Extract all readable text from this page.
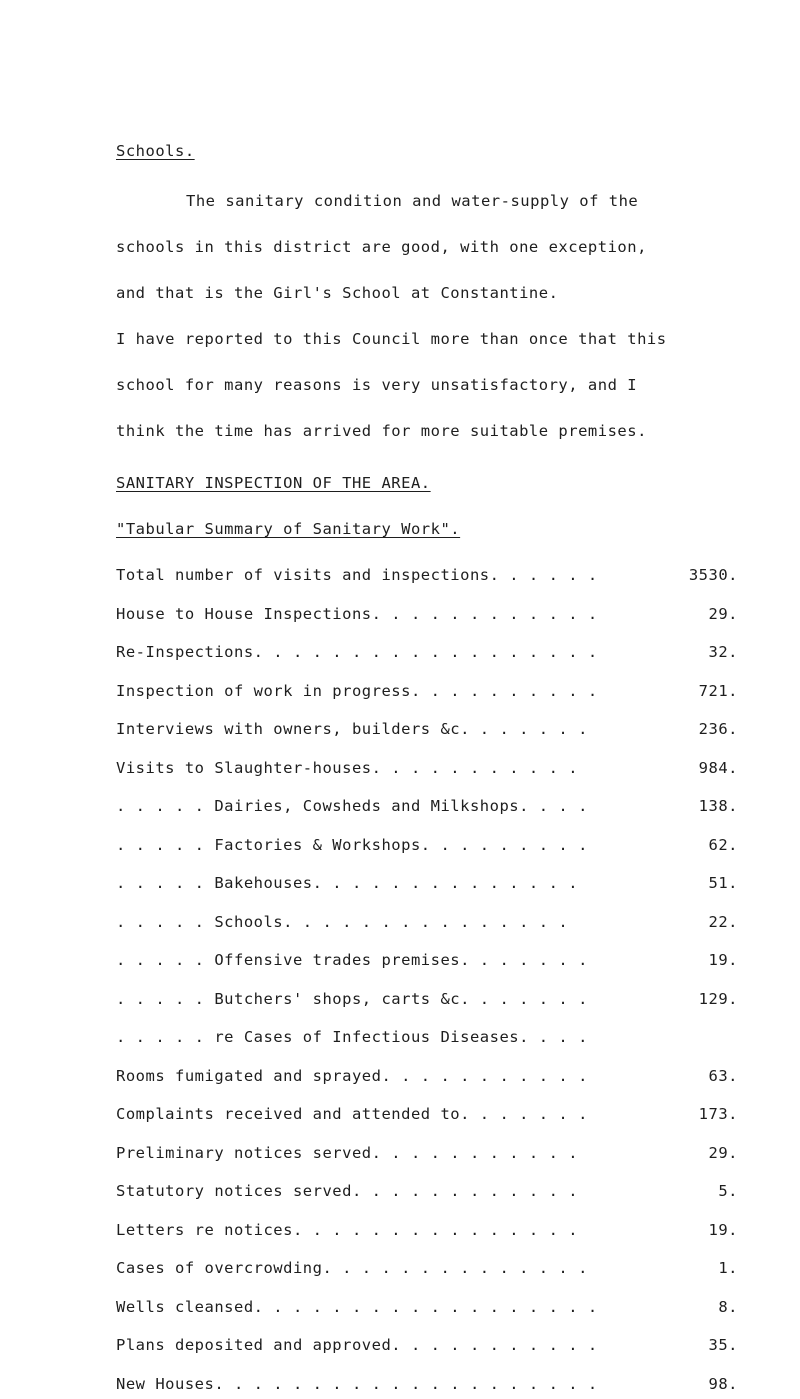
Schools.
The sanitary condition and water-supply of the
schools in this district are good, with one exception,
and that is the Girl's School at Constantine.
I have reported to this Council more than once that this
school for many reasons is very unsatisfactory, and I
think the time has arrived for more suitable premises.
SANITARY INSPECTION OF THE AREA.
"Tabular Summary of Sanitary Work".
Total number of visits and inspections. . . . . .	3530.
House to House Inspections. . . . . . . . . . . .	29.
Re-Inspections. . . . . . . . . . . . . . . . . .	32.
Inspection of work in progress. . . . . . . . . .	721.
Interviews with owners, builders &c. . . . . . .	236.
Visits to Slaughter-houses. . . . . . . . . . .	984.
. . . . . Dairies, Cowsheds and Milkshops. . . .	138.
. . . . . Factories & Workshops. . . . . . . . .	62.
. . . . . Bakehouses. . . . . . . . . . . . . .	51.
. . . . . Schools. . . . . . . . . . . . . . .	22.
. . . . . Offensive trades premises. . . . . . .	19.
. . . . . Butchers' shops, carts &c. . . . . . .	129.
. . . . . re Cases of Infectious Diseases. . . .
Rooms fumigated and sprayed. . . . . . . . . . .	63.
Complaints received and attended to. . . . . . .	173.
Preliminary notices served. . . . . . . . . . .	29.
Statutory notices served. . . . . . . . . . . .	5.
Letters re notices. . . . . . . . . . . . . . .	19.
Cases of overcrowding. . . . . . . . . . . . . .	1.
Wells cleansed. . . . . . . . . . . . . . . . . .	8.
Plans deposited and approved. . . . . . . . . . .	35.
New Houses. . . . . . . . . . . . . . . . . . . .	98.
